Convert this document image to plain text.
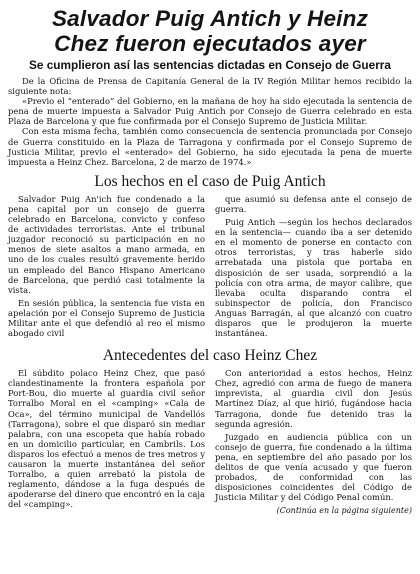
Salvador Puig Antich y Heinz
Chez fueron ejecutados ayer
Se cumplieron así las sentencias dictadas en Consejo de Guerra

De la Oficina de Prensa de Capitanía General de la IV Región Militar hemos recibido la siguiente nota:

«Previo el “enterado” del Gobierno, en la mañana de hoy ha sido ejecutada la sentencia de pena de muerte impuesta a Salvador Puig Antich por Consejo de Guerra celebrado en esta Plaza de Barcelona y que fue confirmada por el Consejo Supremo de Justicia Militar.

Con esta misma fecha, también como consecuencia de sentencia pronunciada por Consejo de Guerra constituido en la Plaza de Tarragona y confirmada por el Consejo Supremo de Justicia Militar, previo el «enterado» del Gobierno, ha sido ejecutada la pena de muerte impuesta a Heinz Chez. Barcelona, 2 de marzo de 1974.»

Los hechos en el caso de Puig Antich

Salvador Puig An'ich fue condenado a la pena capital por un consejo de guerra celebrado en Barcelona, convicto y confeso de actividades terroristas. Ante el tribunal juzgador reconoció su participación en no menos de siete asaltos a mano armada, en uno de los cuales resultó gravemente herido un empleado del Banco Hispano Americano de Barcelona, que perdió casi totalmente la vista.

En sesión pública, la sentencia fue vista en apelación por el Consejo Supremo de Justicia Militar ante el que defendió al reo el mismo abogado civil

que asumió su defensa ante el consejo de guerra.

Puig Antich —según los hechos declarados en la sentencia— cuando iba a ser detenido en el momento de ponerse en contacto con otros terroristas, y tras haberle sido arrebatada una pistola que portaba en disposición de ser usada, sorprendió a la policía con otra arma, de mayor calibre, que llevaba oculta disparando contra el subinspector de policía, don Francisco Anguas Barragán, al que alcanzó con cuatro disparos que le produjeron la muerte instantánea.

Antecedentes del caso Heinz Chez

El súbdito polaco Heinz Chez, que pasó clandestinamente la frontera española por Port-Bou, dio muerte al guardia civil señor Torralbo Moral en el «camping» «Cala de Oca», del término municipal de Vandellós (Tarragona), sobre el que disparó sin mediar palabra, con una escopeta que había robado en un domicilio particular, en Cambrils. Los disparos los efectuó a menos de tres metros y causaron la muerte instantánea del señor Torralbo, a quien arrebató la pistola de reglamento, dándose a la fuga después de apoderarse del dinero que encontró en la caja del «camping».

Con anterioridad a estos hechos, Heinz Chez, agredió con arma de fuego de manera imprevista, al guardia civil don Jesús Martínez Díaz, al que hirió, fugándose hacia Tarragona, donde fue detenido tras la segunda agresión.

Juzgado en audiencia pública con un consejo de guerra, fue condenado a la última pena, en septiembre del año pasado por los delitos de que venía acusado y que fueron probados, de conformidad con las disposiciones coincidentes del Código de Justicia Militar y del Código Penal común.

(Continúa en la página siguiente)
